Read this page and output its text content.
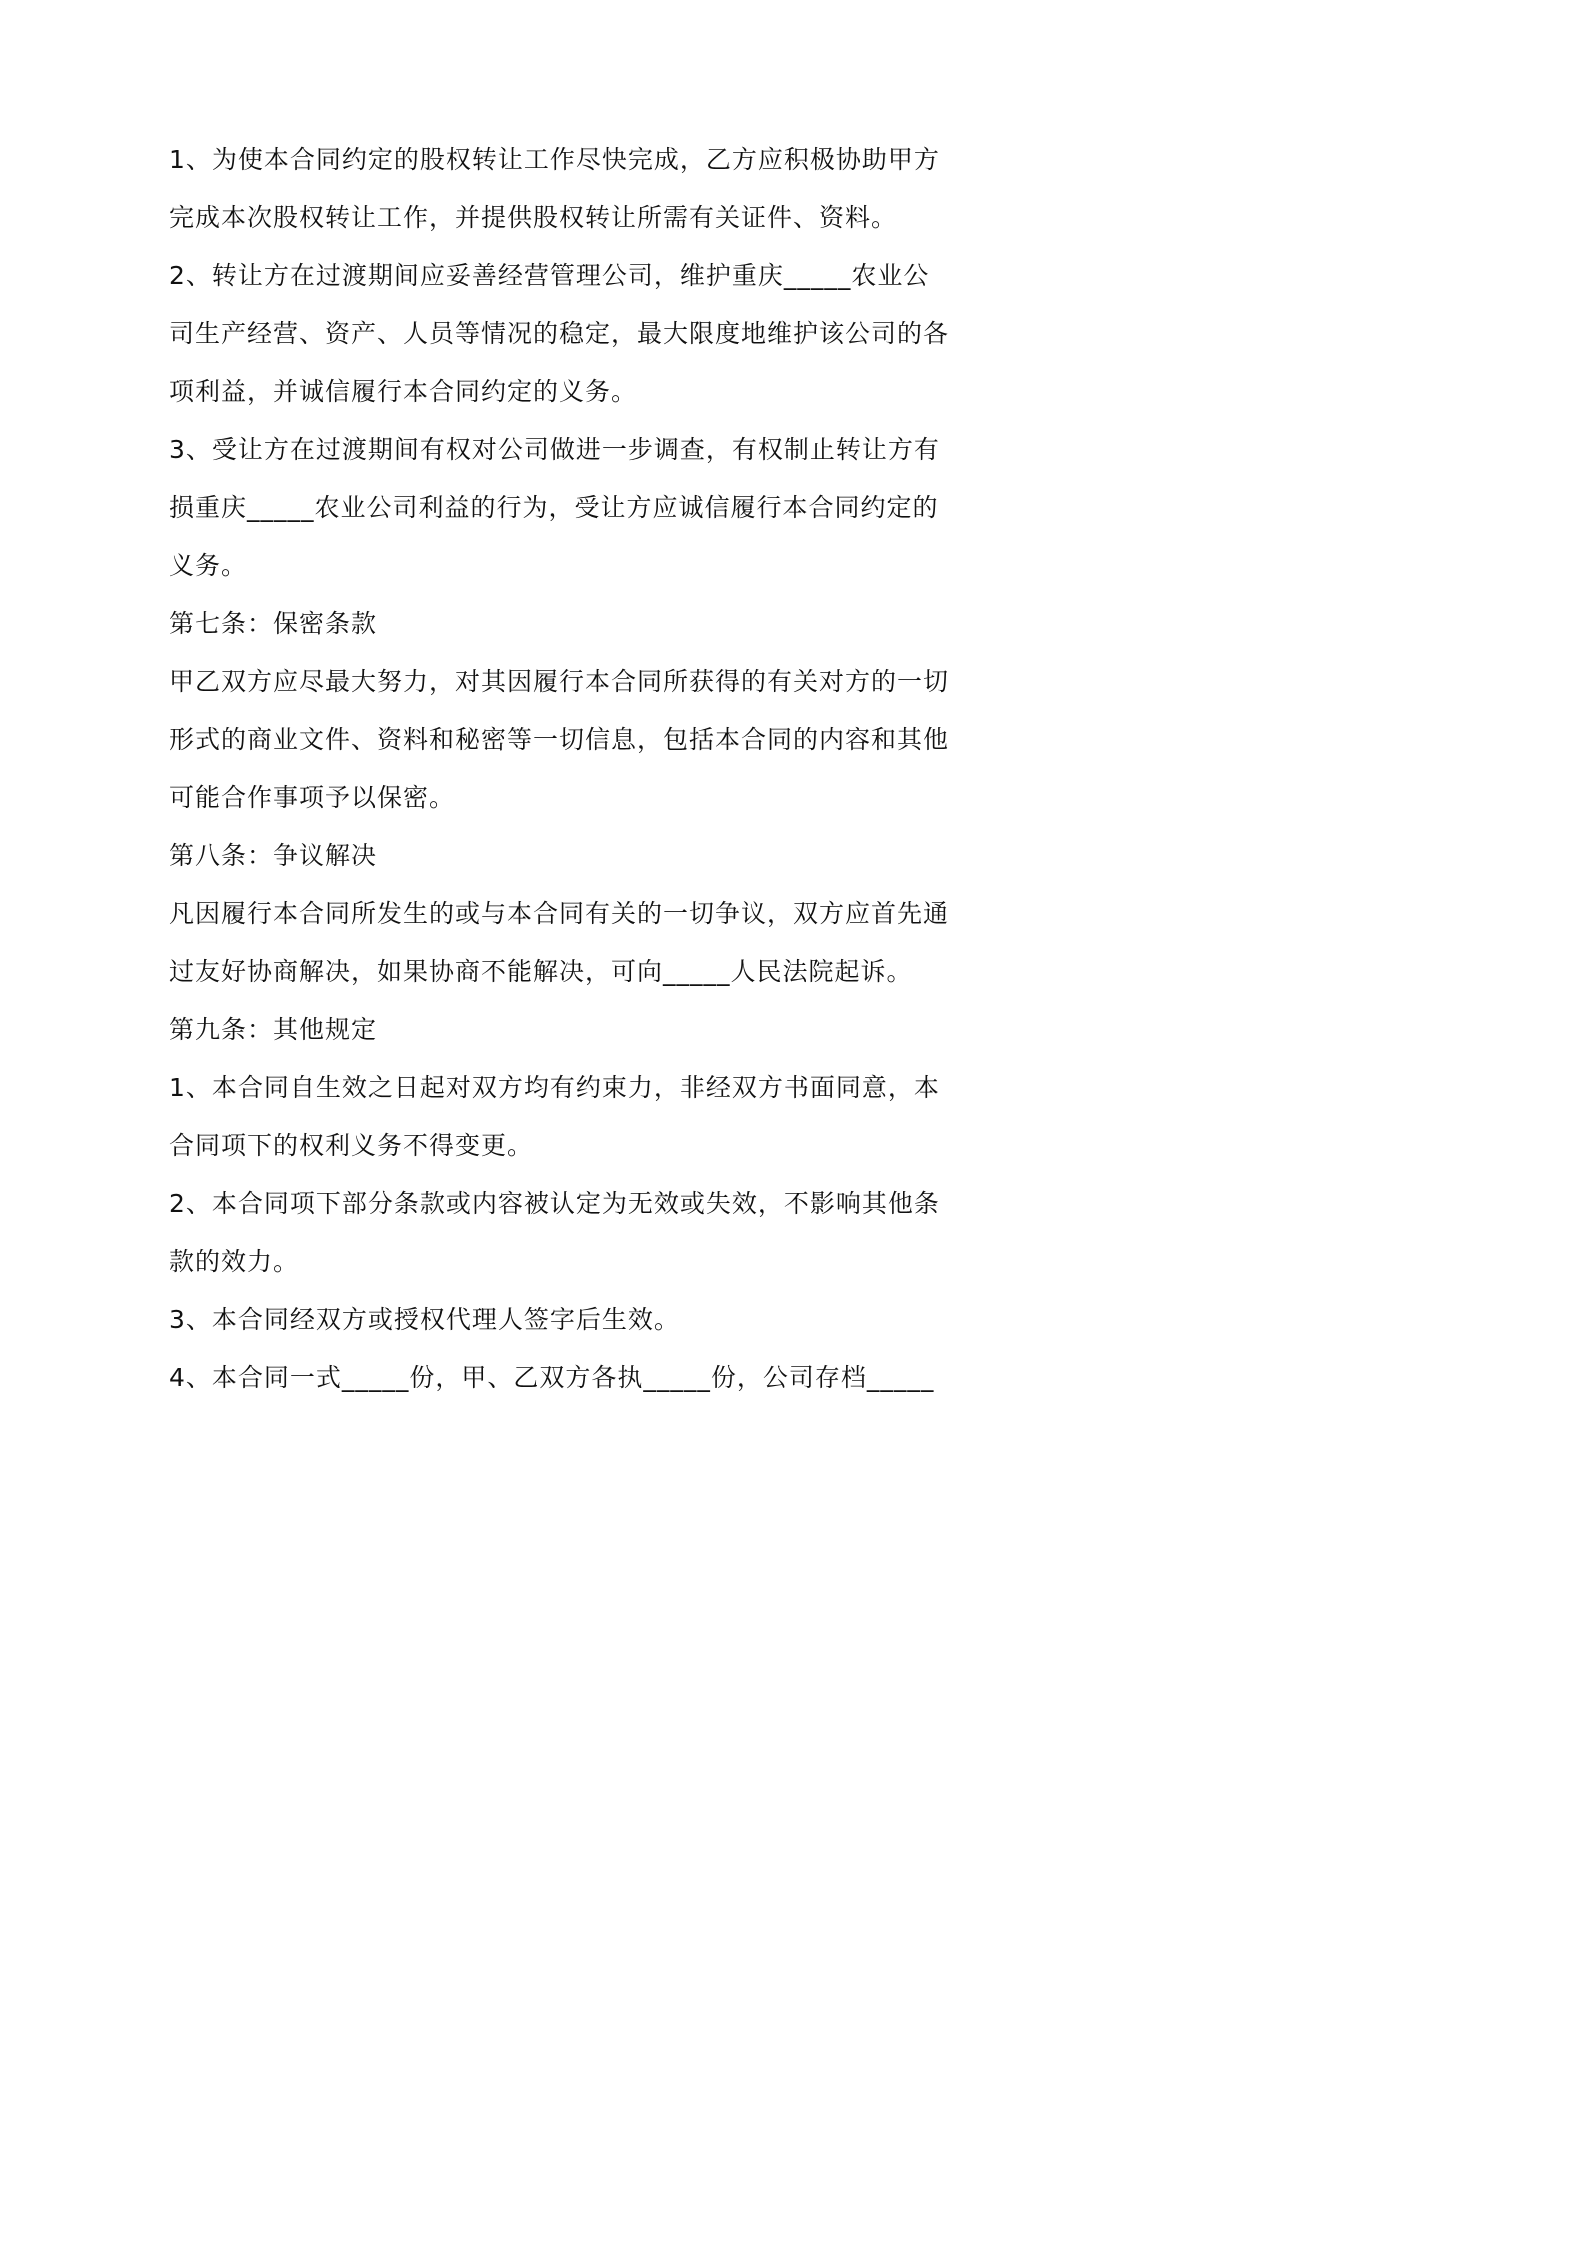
1、为使本合同约定的股权转让工作尽快完成，乙方应积极协助甲方
完成本次股权转让工作，并提供股权转让所需有关证件、资料。
2、转让方在过渡期间应妥善经营管理公司，维护重庆_____农业公
司生产经营、资产、人员等情况的稳定，最大限度地维护该公司的各
项利益，并诚信履行本合同约定的义务。
3、受让方在过渡期间有权对公司做进一步调查，有权制止转让方有
损重庆_____农业公司利益的行为，受让方应诚信履行本合同约定的
义务。
第七条：保密条款
甲乙双方应尽最大努力，对其因履行本合同所获得的有关对方的一切
形式的商业文件、资料和秘密等一切信息，包括本合同的内容和其他
可能合作事项予以保密。
第八条：争议解决
凡因履行本合同所发生的或与本合同有关的一切争议，双方应首先通
过友好协商解决，如果协商不能解决，可向_____人民法院起诉。
第九条：其他规定
1、本合同自生效之日起对双方均有约束力，非经双方书面同意，本
合同项下的权利义务不得变更。
2、本合同项下部分条款或内容被认定为无效或失效，不影响其他条
款的效力。
3、本合同经双方或授权代理人签字后生效。
4、本合同一式_____份，甲、乙双方各执_____份，公司存档_____
